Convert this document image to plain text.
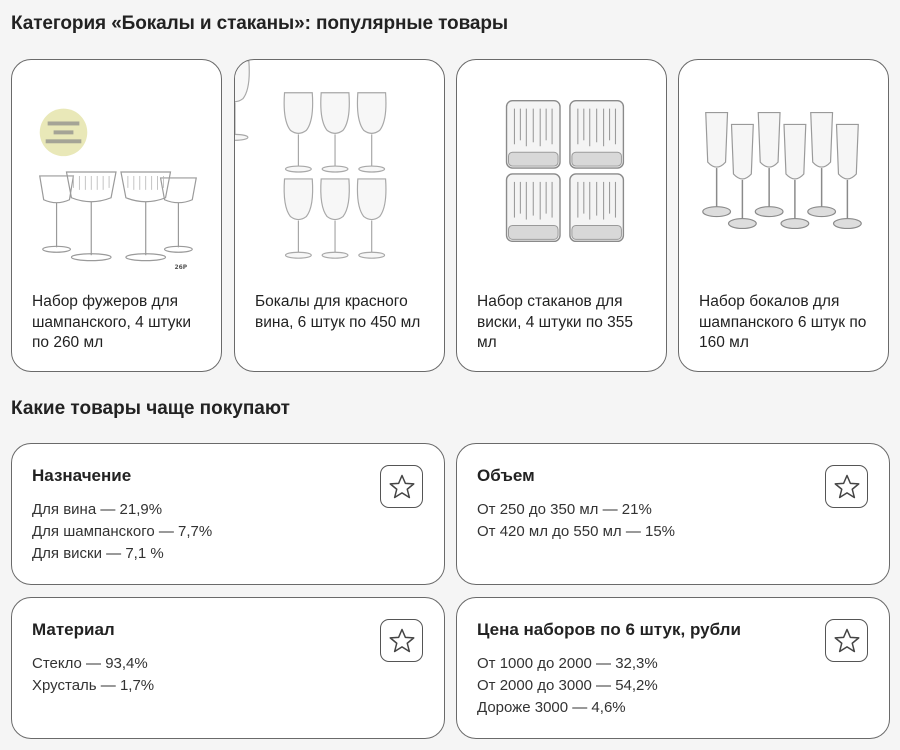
Категория «Бокалы и стаканы»: популярные товары
26Р
Набор фужеров для шампанского, 4 штуки по 260 мл
Бокалы для красного вина, 6 штук по 450 мл
Набор стаканов для виски, 4 штуки по 355 мл
Набор бокалов для шампанского 6 штук по 160 мл
Какие товары чаще покупают
Назначение
Для вина — 21,9%
Для шампанского — 7,7%
Для виски — 7,1 %
Объем
От 250 до 350 мл — 21%
От 420 мл до 550 мл — 15%
Материал
Стекло — 93,4%
Хрусталь — 1,7%
Цена наборов по 6 штук, рубли
От 1000 до 2000 — 32,3%
От 2000 до 3000 — 54,2%
Дороже 3000 — 4,6%
